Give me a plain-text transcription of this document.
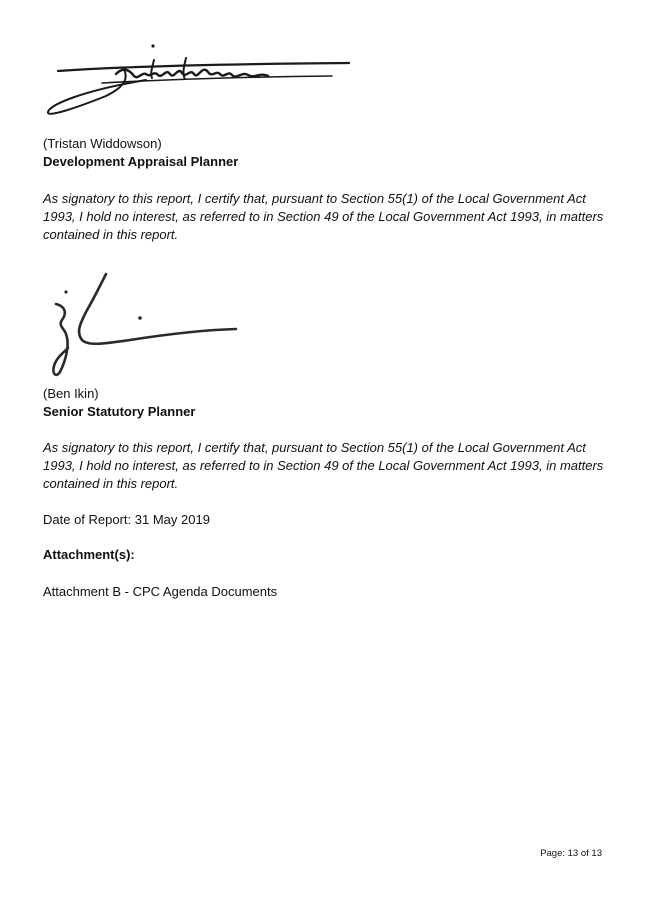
(Tristan Widdowson)
Development Appraisal Planner

As signatory to this report, I certify that, pursuant to Section 55(1) of the Local Government Act 1993, I hold no interest, as referred to in Section 49 of the Local Government Act 1993, in matters contained in this report.

(Ben Ikin)
Senior Statutory Planner

As signatory to this report, I certify that, pursuant to Section 55(1) of the Local Government Act 1993, I hold no interest, as referred to in Section 49 of the Local Government Act 1993, in matters contained in this report.

Date of Report: 31 May 2019
Attachment(s):
Attachment B - CPC Agenda Documents
Page: 13 of 13
